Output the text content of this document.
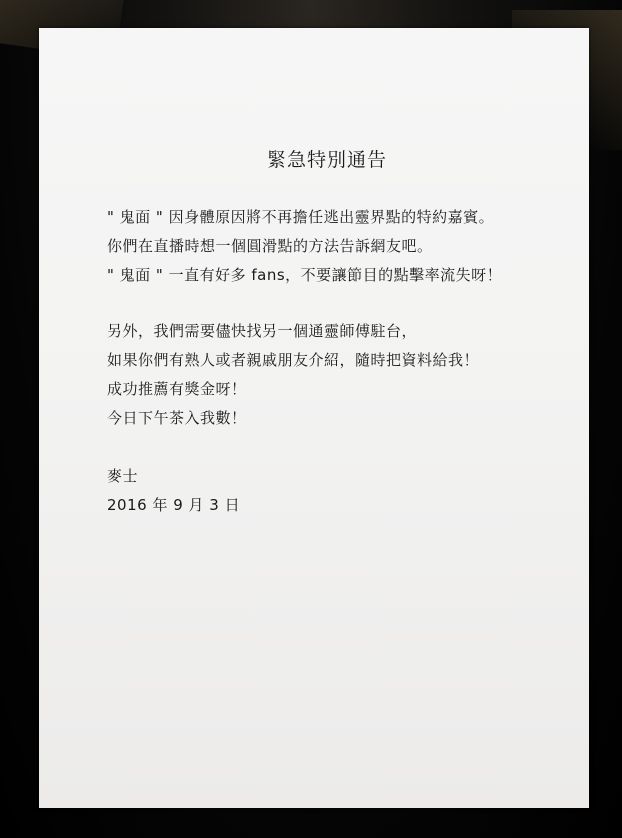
緊急特別通告
" 鬼面 " 因身體原因將不再擔任逃出靈界點的特約嘉賓。
你們在直播時想一個圓滑點的方法告訴網友吧。
" 鬼面 " 一直有好多 fans，不要讓節目的點擊率流失呀！
另外，我們需要儘快找另一個通靈師傅駐台，
如果你們有熟人或者親戚朋友介紹，隨時把資料給我！
成功推薦有獎金呀！
今日下午茶入我數！
麥士
2016 年 9 月 3 日
